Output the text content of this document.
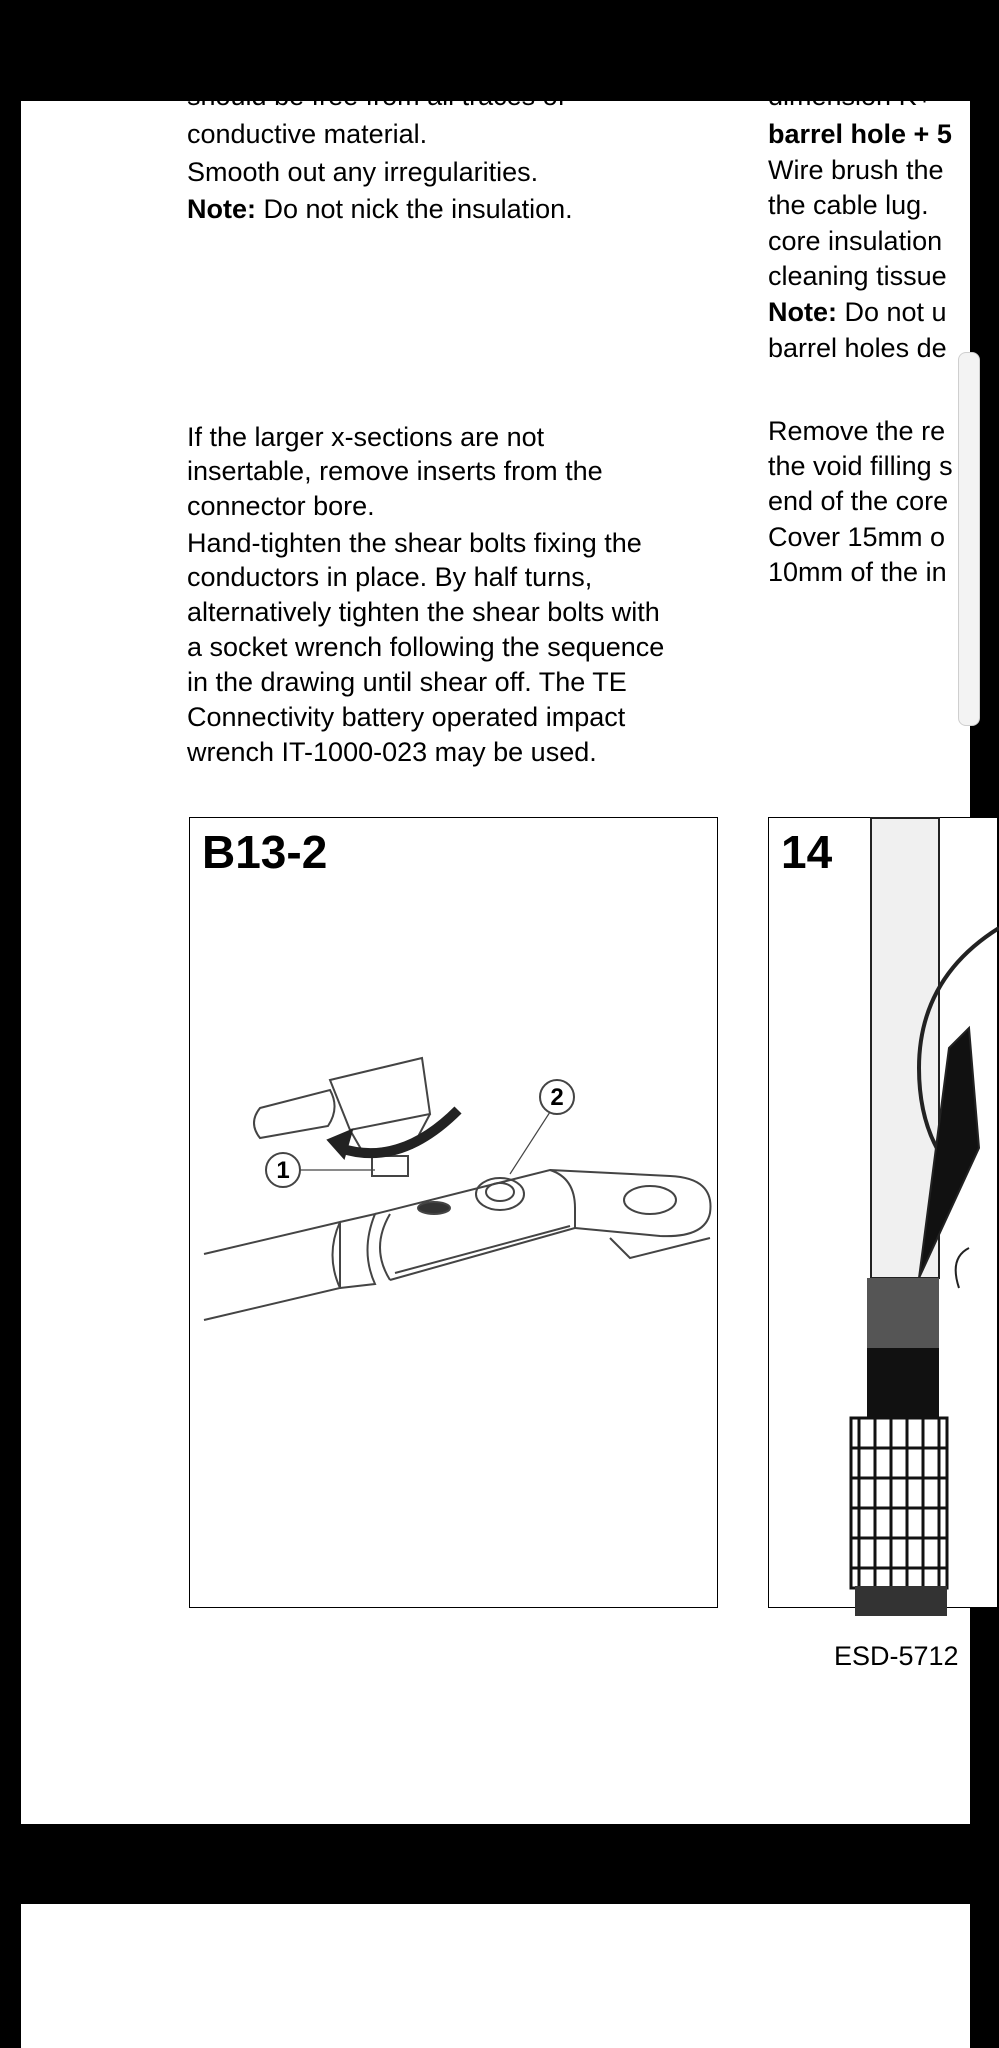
should be free from all traces of

conductive material.

Smooth out any irregularities.

Note: Do not nick the insulation.

If the larger x-sections are not

insertable, remove inserts from the

connector bore.

Hand-tighten the shear bolts fixing the

conductors in place. By half turns,

alternatively tighten the shear bolts with

a socket wrench following the sequence

in the drawing until shear off. The TE

Connectivity battery operated impact

wrench IT-1000-023 may be used.

dimension K+

barrel hole + 5

Wire brush the

the cable lug.

core insulation

cleaning tissue

Note: Do not u

barrel holes de

Remove the re

the void filling s

end of the core

Cover 15mm o

10mm of the in

B13-2
1
2
14
ESD-5712
